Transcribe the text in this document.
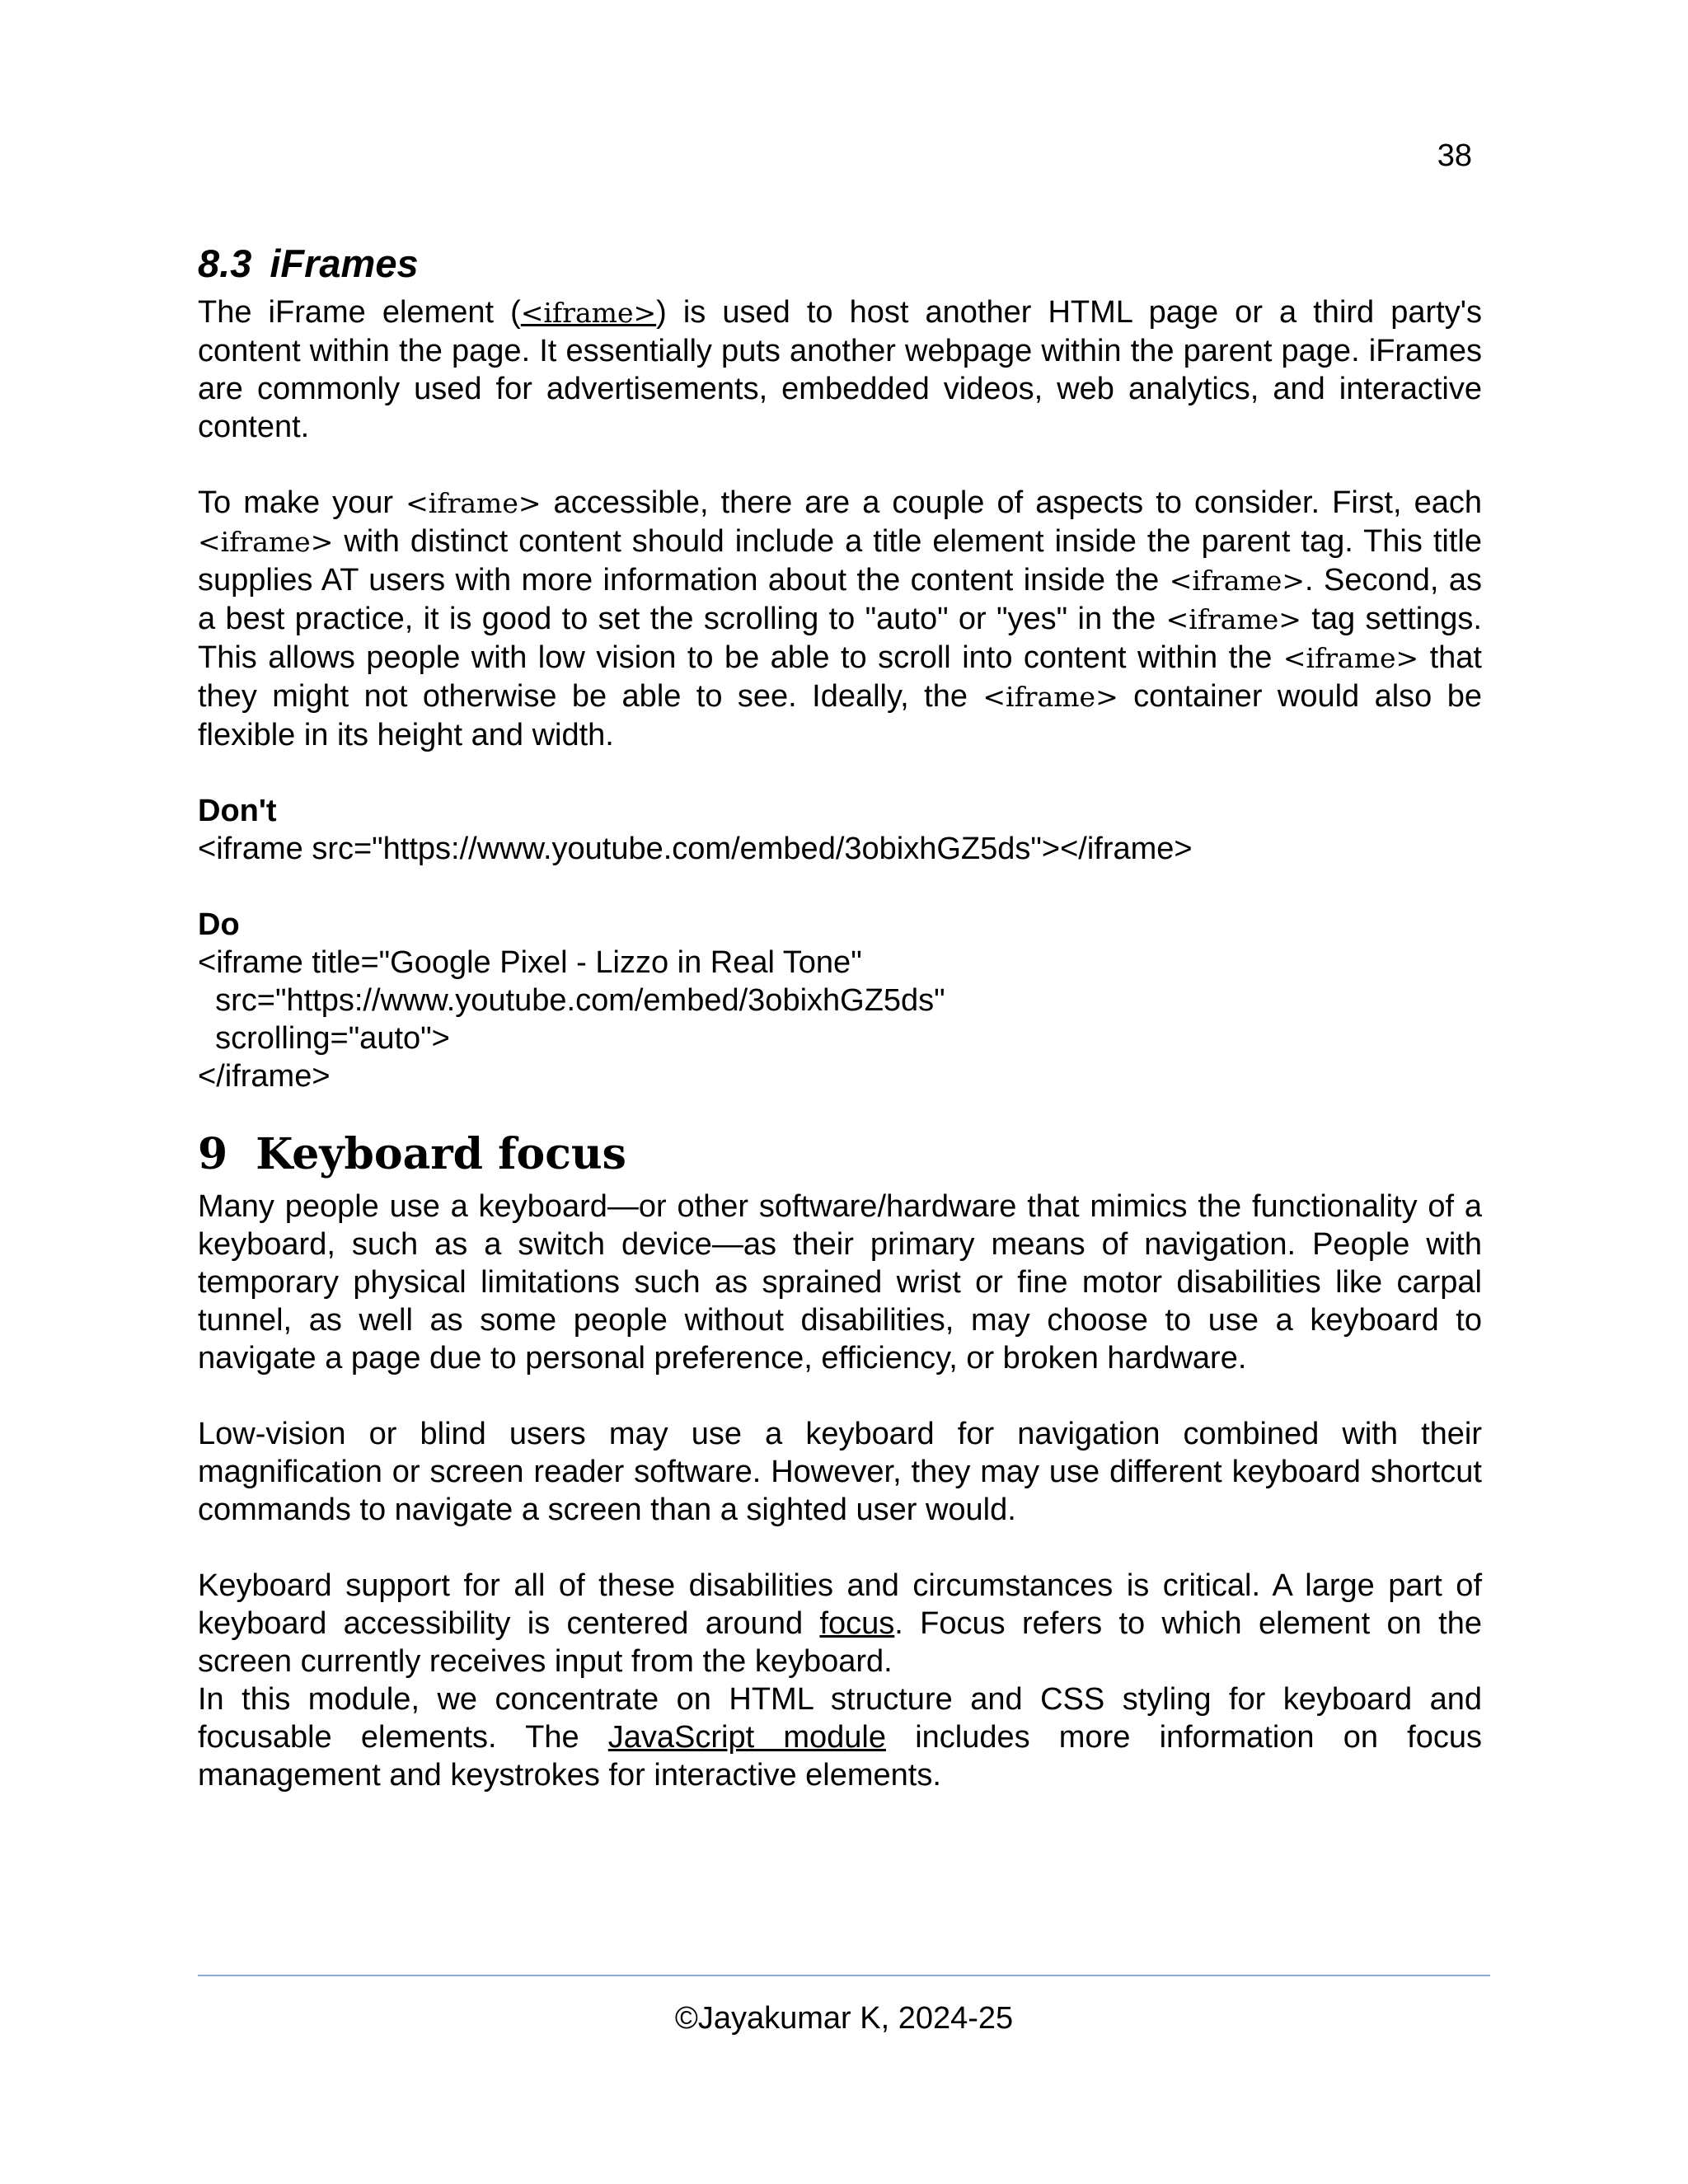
38
8.3 iFrames

The iFrame element (<iframe>) is used to host another HTML page or a third party's content within the page. It essentially puts another webpage within the parent page. iFrames are commonly used for advertisements, embedded videos, web analytics, and interactive content.

To make your <iframe> accessible, there are a couple of aspects to consider. First, each <iframe> with distinct content should include a title element inside the parent tag. This title supplies AT users with more information about the content inside the <iframe>. Second, as a best practice, it is good to set the scrolling to "auto" or "yes" in the <iframe> tag settings. This allows people with low vision to be able to scroll into content within the <iframe> that they might not otherwise be able to see. Ideally, the <iframe> container would also be flexible in its height and width.

Don't

<iframe src="https://www.youtube.com/embed/3obixhGZ5ds"></iframe>

Do

<iframe title="Google Pixel - Lizzo in Real Tone"

src="https://www.youtube.com/embed/3obixhGZ5ds"

scrolling="auto">

</iframe>

9 Keyboard focus

Many people use a keyboard—or other software/hardware that mimics the functionality of a keyboard, such as a switch device—as their primary means of navigation. People with temporary physical limitations such as sprained wrist or fine motor disabilities like carpal tunnel, as well as some people without disabilities, may choose to use a keyboard to navigate a page due to personal preference, efficiency, or broken hardware.

Low-vision or blind users may use a keyboard for navigation combined with their magnification or screen reader software. However, they may use different keyboard shortcut commands to navigate a screen than a sighted user would.

Keyboard support for all of these disabilities and circumstances is critical. A large part of keyboard accessibility is centered around focus. Focus refers to which element on the screen currently receives input from the keyboard.

In this module, we concentrate on HTML structure and CSS styling for keyboard and focusable elements. The JavaScript module includes more information on focus management and keystrokes for interactive elements.

©Jayakumar K, 2024-25
